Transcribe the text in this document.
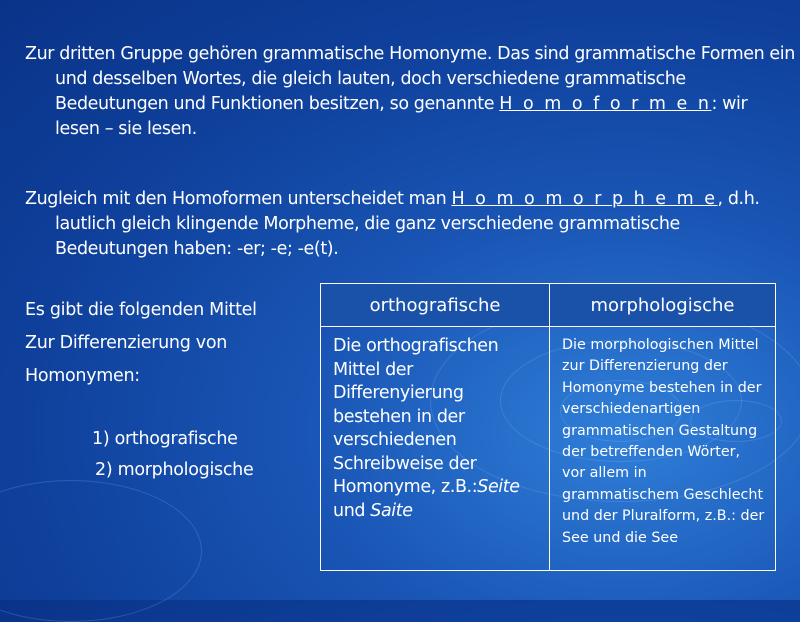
Zur dritten Gruppe gehören grammatische Homonyme. Das sind grammatische Formen ein und desselben Wortes, die gleich lauten, doch verschiedene grammatische Bedeutungen und Funktionen besitzen, so genannte H o m o f o r m e n: wir lesen – sie lesen.
Zugleich mit den Homoformen unterscheidet man H o m o m o r p h e m e, d.h. lautlich gleich klingende Morpheme, die ganz verschiedene grammatische Bedeutungen haben: -er; -e; -e(t).
Es gibt die folgenden Mittel
Zur Differenzierung von
Homonymen:
1) orthografische
2) morphologische
orthografische	morphologische
Die orthografischen Mittel der Differenyierung bestehen in der verschiedenen Schreibweise der Homonyme, z.B.:Seite und Saite	Die morphologischen Mittel zur Differenzierung der Homonyme bestehen in der verschiedenartigen grammatischen Gestaltung der betreffenden Wörter, vor allem in grammatischem Geschlecht und der Pluralform, z.B.: der See und die See
